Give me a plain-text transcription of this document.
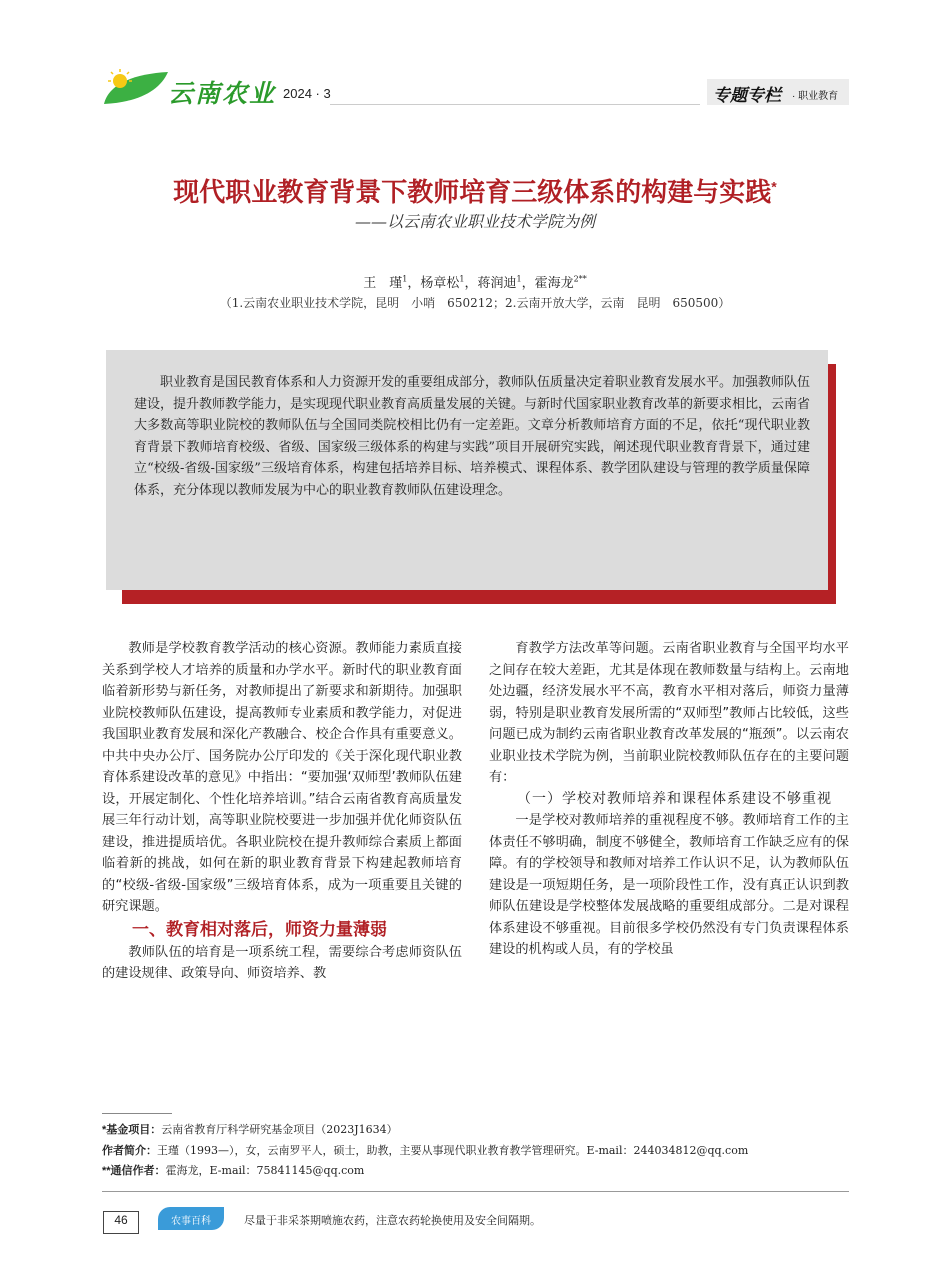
云南农业 2024 · 3	专题专栏 · 职业教育
现代职业教育背景下教师培育三级体系的构建与实践*
——以云南农业职业技术学院为例
王　瑾$^1$，杨章松$^1$，蒋润迪$^1$，霍海龙$^{2**}$
（1.云南农业职业技术学院，昆明　小哨　650212；2.云南开放大学，云南　昆明　650500）

职业教育是国民教育体系和人力资源开发的重要组成部分，教师队伍质量决定着职业教育发展水平。加强教师队伍建设，提升教师教学能力，是实现现代职业教育高质量发展的关键。与新时代国家职业教育改革的新要求相比，云南省大多数高等职业院校的教师队伍与全国同类院校相比仍有一定差距。文章分析教师培育方面的不足，依托“现代职业教育背景下教师培育校级、省级、国家级三级体系的构建与实践”项目开展研究实践，阐述现代职业教育背景下，通过建立“校级-省级-国家级”三级培育体系，构建包括培养目标、培养模式、课程体系、教学团队建设与管理的教学质量保障体系，充分体现以教师发展为中心的职业教育教师队伍建设理念。

教师是学校教育教学活动的核心资源。教师能力素质直接关系到学校人才培养的质量和办学水平。新时代的职业教育面临着新形势与新任务，对教师提出了新要求和新期待。加强职业院校教师队伍建设，提高教师专业素质和教学能力，对促进我国职业教育发展和深化产教融合、校企合作具有重要意义。中共中央办公厅、国务院办公厅印发的《关于深化现代职业教育体系建设改革的意见》中指出：“要加强‘双师型’教师队伍建设，开展定制化、个性化培养培训。”结合云南省教育高质量发展三年行动计划，高等职业院校要进一步加强并优化师资队伍建设，推进提质培优。各职业院校在提升教师综合素质上都面临着新的挑战，如何在新的职业教育背景下构建起教师培育的“校级-省级-国家级”三级培育体系，成为一项重要且关键的研究课题。

一、教育相对落后，师资力量薄弱

教师队伍的培育是一项系统工程，需要综合考虑师资队伍的建设规律、政策导向、师资培养、教

育教学方法改革等问题。云南省职业教育与全国平均水平之间存在较大差距，尤其是体现在教师数量与结构上。云南地处边疆，经济发展水平不高，教育水平相对落后，师资力量薄弱，特别是职业教育发展所需的“双师型”教师占比较低，这些问题已成为制约云南省职业教育改革发展的“瓶颈”。以云南农业职业技术学院为例，当前职业院校教师队伍存在的主要问题有：

（一）学校对教师培养和课程体系建设不够重视

一是学校对教师培养的重视程度不够。教师培育工作的主体责任不够明确，制度不够健全，教师培育工作缺乏应有的保障。有的学校领导和教师对培养工作认识不足，认为教师队伍建设是一项短期任务，是一项阶段性工作，没有真正认识到教师队伍建设是学校整体发展战略的重要组成部分。二是对课程体系建设不够重视。目前很多学校仍然没有专门负责课程体系建设的机构或人员，有的学校虽

*基金项目：云南省教育厅科学研究基金项目（2023J1634）
作者简介：王瑾（1993—），女，云南罗平人，硕士，助教，主要从事现代职业教育教学管理研究。E-mail：244034812@qq.com
**通信作者：霍海龙，E-mail：75841145@qq.com
46	农事百科	尽量于非采茶期喷施农药，注意农药轮换使用及安全间隔期。
